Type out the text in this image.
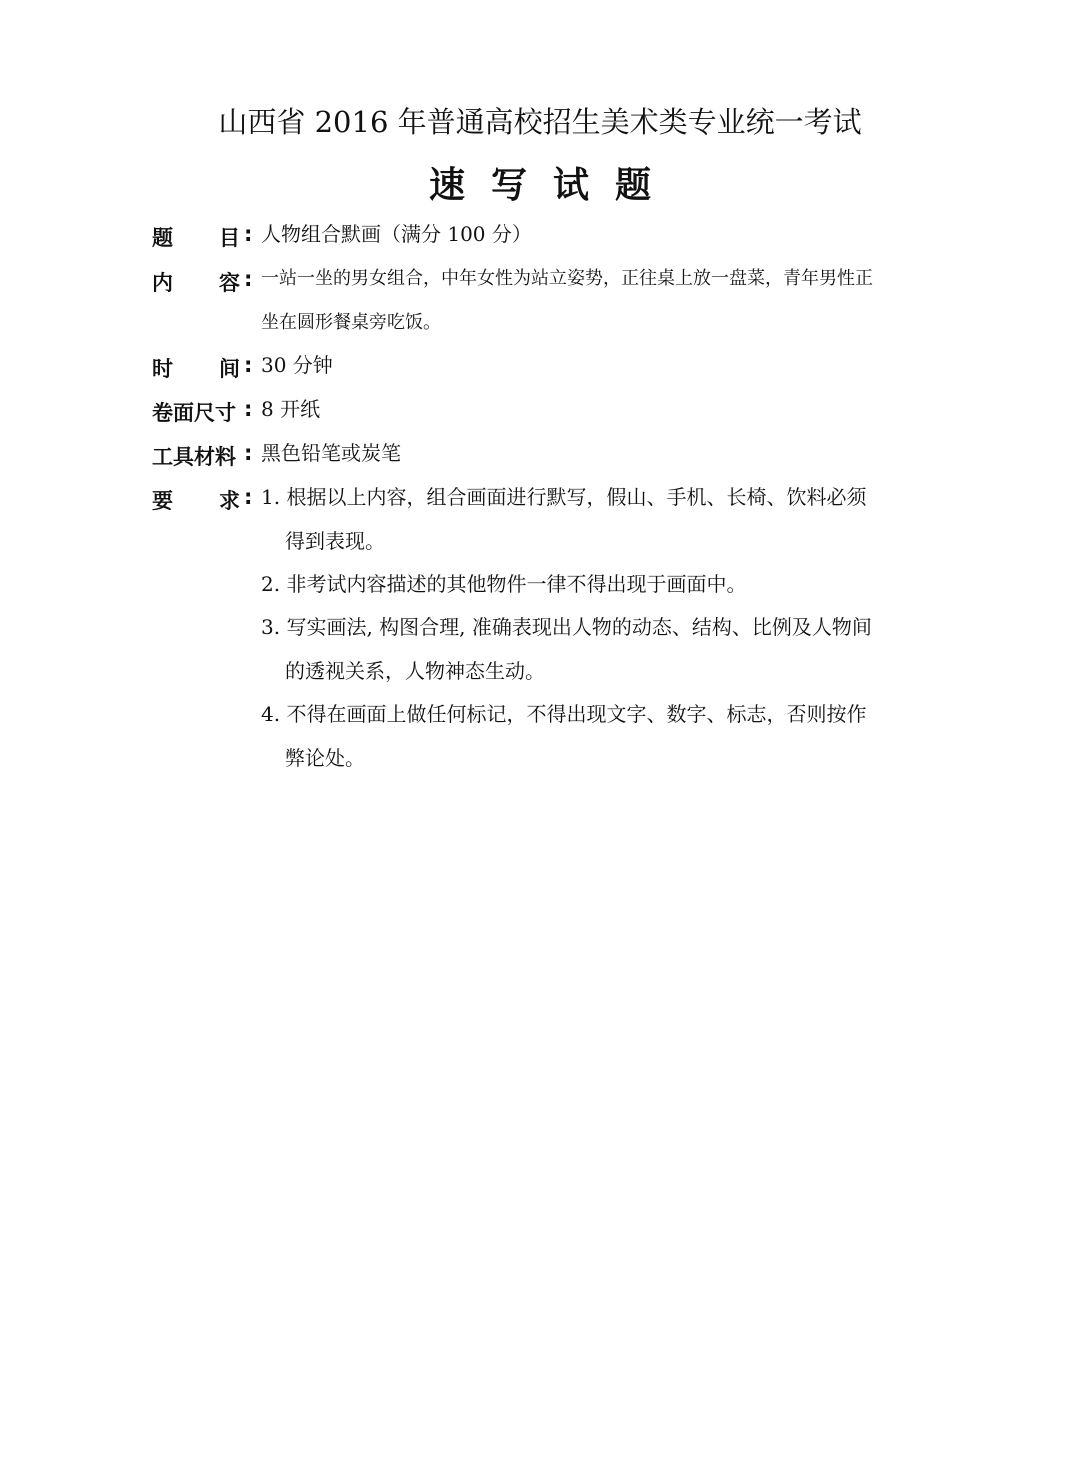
山西省 2016 年普通高校招生美术类专业统一考试
速写试题
题 目 : 人物组合默画（满分 100 分）
内 容 : 一站一坐的男女组合，中年女性为站立姿势，正往桌上放一盘菜，青年男性正
坐在圆形餐桌旁吃饭。
时 间 : 30 分钟
卷面尺寸 : 8 开纸
工具材料 : 黑色铅笔或炭笔
要 求 : 1. 根据以上内容，组合画面进行默写，假山、手机、长椅、饮料必须
得到表现。
2. 非考试内容描述的其他物件一律不得出现于画面中。
3. 写实画法, 构图合理, 准确表现出人物的动态、结构、比例及人物间
的透视关系，人物神态生动。
4. 不得在画面上做任何标记，不得出现文字、数字、标志，否则按作
弊论处。
